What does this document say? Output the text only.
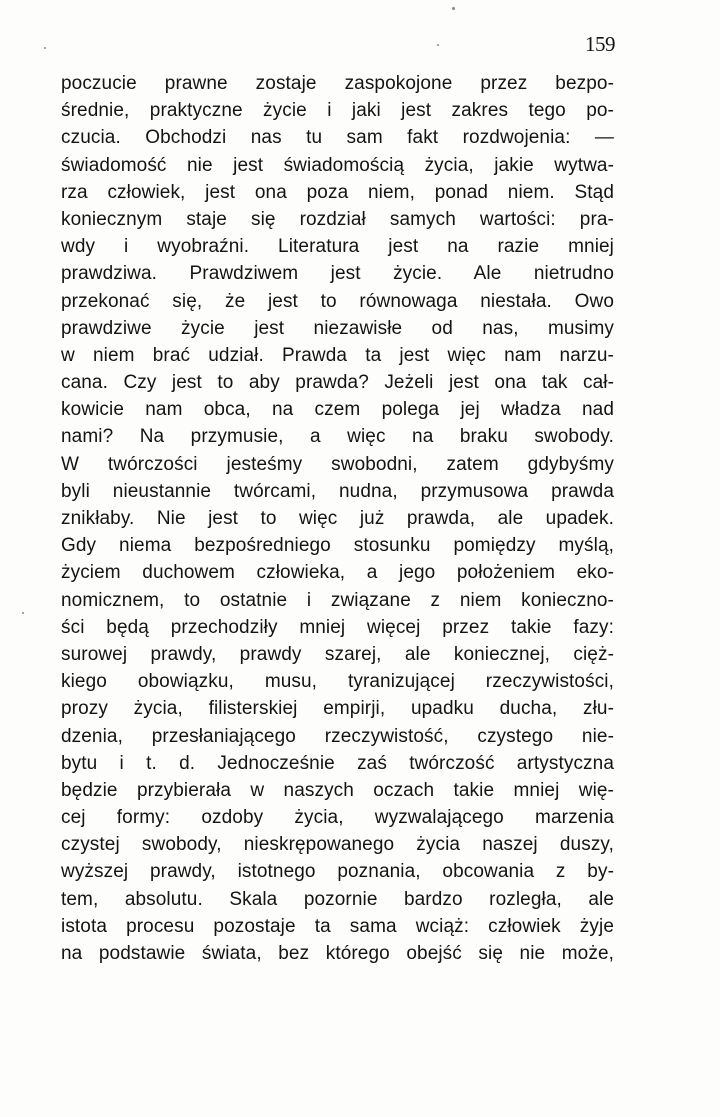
159
poczucie prawne zostaje zaspokojone przez bezpo-
średnie, praktyczne życie i jaki jest zakres tego po-
czucia. Obchodzi nas tu sam fakt rozdwojenia: —
świadomość nie jest świadomością życia, jakie wytwa-
rza człowiek, jest ona poza niem, ponad niem. Stąd
koniecznym staje się rozdział samych wartości: pra-
wdy i wyobraźni. Literatura jest na razie mniej
prawdziwa. Prawdziwem jest życie. Ale nietrudno
przekonać się, że jest to równowaga niestała. Owo
prawdziwe życie jest niezawisłe od nas, musimy
w niem brać udział. Prawda ta jest więc nam narzu-
cana. Czy jest to aby prawda? Jeżeli jest ona tak cał-
kowicie nam obca, na czem polega jej władza nad
nami? Na przymusie, a więc na braku swobody.
W twórczości jesteśmy swobodni, zatem gdybyśmy
byli nieustannie twórcami, nudna, przymusowa prawda
znikłaby. Nie jest to więc już prawda, ale upadek.
Gdy niema bezpośredniego stosunku pomiędzy myślą,
życiem duchowem człowieka, a jego położeniem eko-
nomicznem, to ostatnie i związane z niem konieczno-
ści będą przechodziły mniej więcej przez takie fazy:
surowej prawdy, prawdy szarej, ale koniecznej, cięż-
kiego obowiązku, musu, tyranizującej rzeczywistości,
prozy życia, filisterskiej empirji, upadku ducha, złu-
dzenia, przesłaniającego rzeczywistość, czystego nie-
bytu i t. d. Jednocześnie zaś twórczość artystyczna
będzie przybierała w naszych oczach takie mniej wię-
cej formy: ozdoby życia, wyzwalającego marzenia
czystej swobody, nieskrępowanego życia naszej duszy,
wyższej prawdy, istotnego poznania, obcowania z by-
tem, absolutu. Skala pozornie bardzo rozległa, ale
istota procesu pozostaje ta sama wciąż: człowiek żyje
na podstawie świata, bez którego obejść się nie może,
